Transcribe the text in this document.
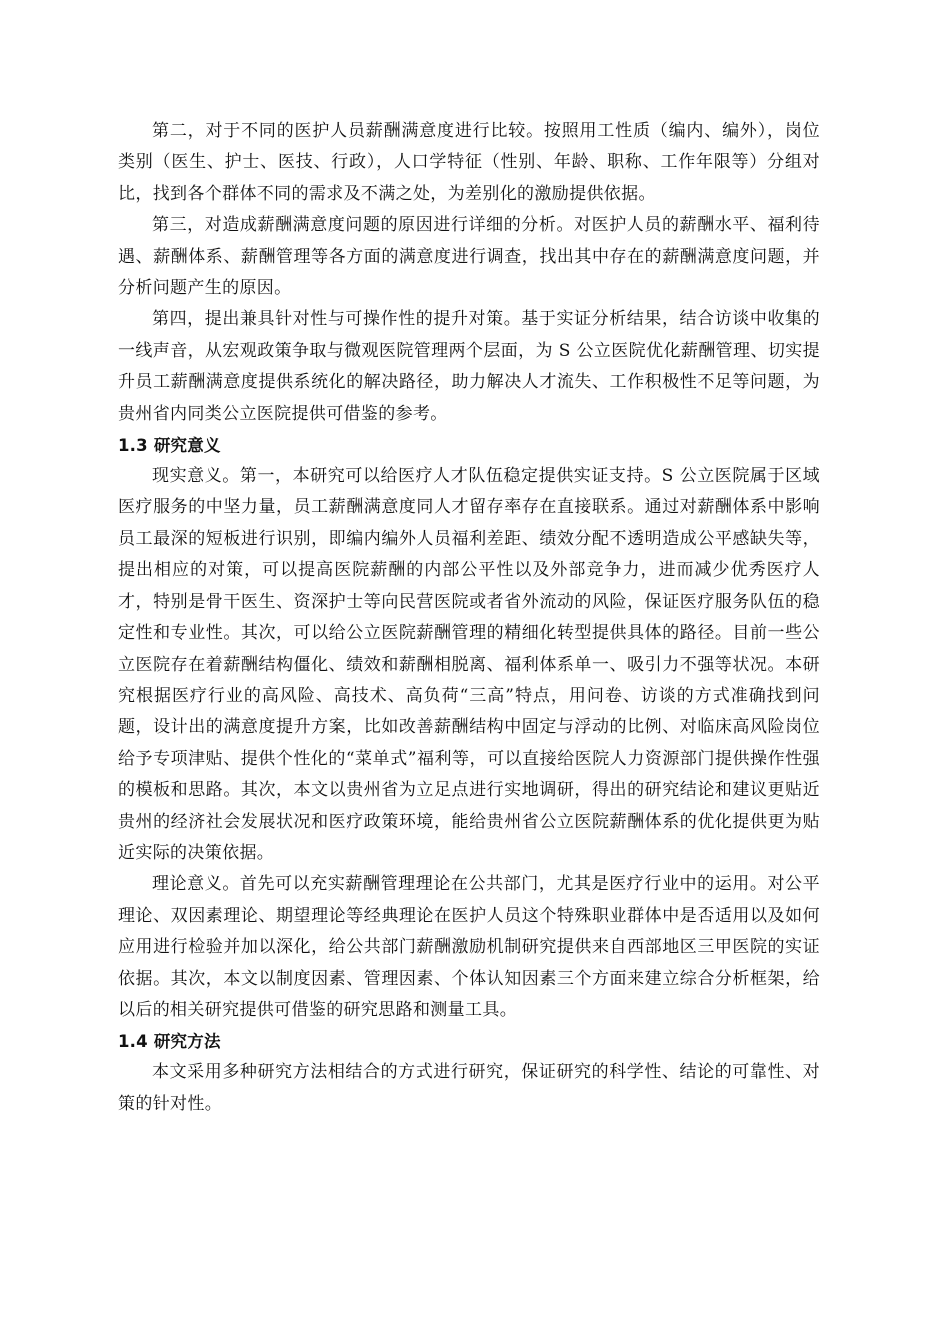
第二，对于不同的医护人员薪酬满意度进行比较。按照用工性质（编内、编外），岗位类别（医生、护士、医技、行政），人口学特征（性别、年龄、职称、工作年限等）分组对比，找到各个群体不同的需求及不满之处，为差别化的激励提供依据。

第三，对造成薪酬满意度问题的原因进行详细的分析。对医护人员的薪酬水平、福利待遇、薪酬体系、薪酬管理等各方面的满意度进行调查，找出其中存在的薪酬满意度问题，并分析问题产生的原因。

第四，提出兼具针对性与可操作性的提升对策。基于实证分析结果，结合访谈中收集的一线声音，从宏观政策争取与微观医院管理两个层面，为 S 公立医院优化薪酬管理、切实提升员工薪酬满意度提供系统化的解决路径，助力解决人才流失、工作积极性不足等问题，为贵州省内同类公立医院提供可借鉴的参考。

1.3 研究意义

现实意义。第一，本研究可以给医疗人才队伍稳定提供实证支持。S 公立医院属于区域医疗服务的中坚力量，员工薪酬满意度同人才留存率存在直接联系。通过对薪酬体系中影响员工最深的短板进行识别，即编内编外人员福利差距、绩效分配不透明造成公平感缺失等，提出相应的对策，可以提高医院薪酬的内部公平性以及外部竞争力，进而减少优秀医疗人才，特别是骨干医生、资深护士等向民营医院或者省外流动的风险，保证医疗服务队伍的稳定性和专业性。其次，可以给公立医院薪酬管理的精细化转型提供具体的路径。目前一些公立医院存在着薪酬结构僵化、绩效和薪酬相脱离、福利体系单一、吸引力不强等状况。本研究根据医疗行业的高风险、高技术、高负荷“三高”特点，用问卷、访谈的方式准确找到问题，设计出的满意度提升方案，比如改善薪酬结构中固定与浮动的比例、对临床高风险岗位给予专项津贴、提供个性化的“菜单式”福利等，可以直接给医院人力资源部门提供操作性强的模板和思路。其次，本文以贵州省为立足点进行实地调研，得出的研究结论和建议更贴近贵州的经济社会发展状况和医疗政策环境，能给贵州省公立医院薪酬体系的优化提供更为贴近实际的决策依据。

理论意义。首先可以充实薪酬管理理论在公共部门，尤其是医疗行业中的运用。对公平理论、双因素理论、期望理论等经典理论在医护人员这个特殊职业群体中是否适用以及如何应用进行检验并加以深化，给公共部门薪酬激励机制研究提供来自西部地区三甲医院的实证依据。其次，本文以制度因素、管理因素、个体认知因素三个方面来建立综合分析框架，给以后的相关研究提供可借鉴的研究思路和测量工具。

1.4 研究方法

本文采用多种研究方法相结合的方式进行研究，保证研究的科学性、结论的可靠性、对策的针对性。
